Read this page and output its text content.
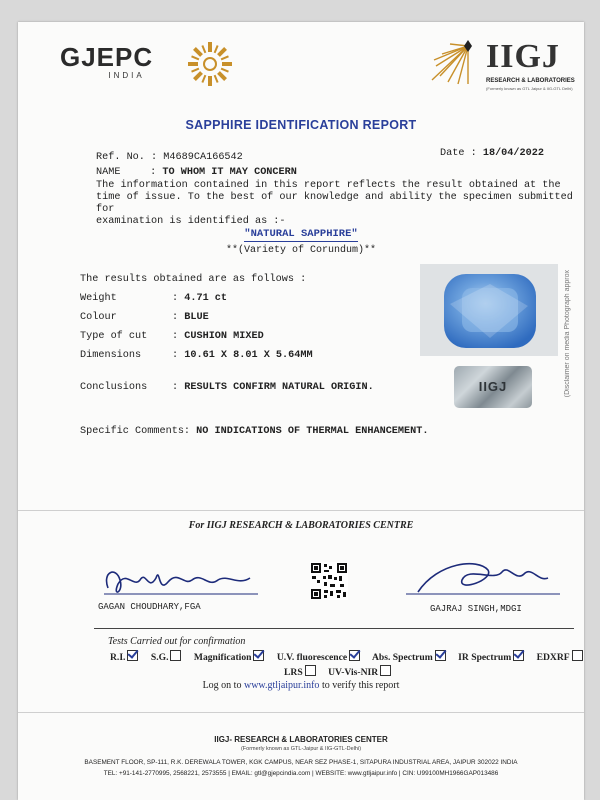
GJEPC
INDIA
IIGJ
RESEARCH & LABORATORIES
(Formerly known as GTL Jaipur & IIG-GTL Delhi)
SAPPHIRE IDENTIFICATION REPORT
Ref. No. : M4689CA166542	Date : 18/04/2022
NAME	: TO WHOM IT MAY CONCERN
The information contained in this report reflects the result obtained at the
time of issue. To the best of our knowledge and ability the specimen submitted for
examination is identified as :-
"NATURAL SAPPHIRE"
**(Variety of Corundum)**
The results obtained are as follows :
Weight	: 4.71 ct
Colour	: BLUE
Type of cut : CUSHION MIXED
Dimensions	: 10.61 X 8.01 X 5.64MM
Conclusions : RESULTS CONFIRM NATURAL ORIGIN.
Specific Comments: NO INDICATIONS OF THERMAL ENHANCEMENT.
IIGJ	(Disclaimer on media Photograph approx
For IIGJ RESEARCH & LABORATORIES CENTRE
GAGAN CHOUDHARY,FGA	GAJRAJ SINGH,MDGI
Tests Carried out for confirmation
R.I.	S.G.	Magnification	U.V. fluorescence	Abs. Spectrum	IR Spectrum	EDXRF
LRS	UV-Vis-NIR
Log on to www.gtljaipur.info to verify this report
IIGJ- RESEARCH & LABORATORIES CENTER
(Formerly known as GTL-Jaipur & IIG-GTL-Delhi)
BASEMENT FLOOR, SP-111, R.K. DEREWALA TOWER, KGK CAMPUS, NEAR SEZ PHASE-1, SITAPURA INDUSTRIAL AREA, JAIPUR 302022 INDIA
TEL: +91-141-2770995, 2568221, 2573555 | EMAIL: gtl@gjepcindia.com | WEBSITE: www.gtljaipur.info | CIN: U99100MH1966GAP013486
